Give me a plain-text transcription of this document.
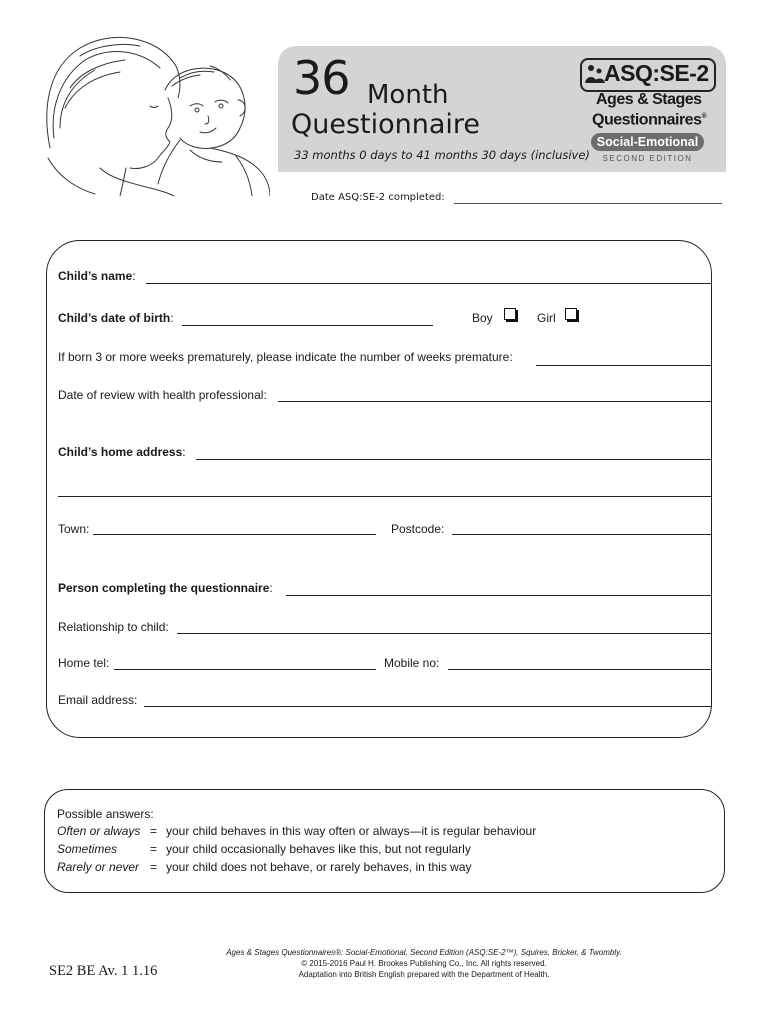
36 Month
Questionnaire
33 months 0 days to 41 months 30 days (inclusive)
ASQ:SE-2
Ages & Stages
Questionnaires®
Social-Emotional
SECOND EDITION
Date ASQ:SE-2 completed:
Child’s name:
Child’s date of birth:	Boy	Girl
If born 3 or more weeks prematurely, please indicate the number of weeks premature:
Date of review with health professional:
Child’s home address:
Town:	Postcode:
Person completing the questionnaire:
Relationship to child:
Home tel:	Mobile no:
Email address:
Possible answers:
Often or always = your child behaves in this way often or always—it is regular behaviour
Sometimes	= your child occasionally behaves like this, but not regularly
Rarely or never = your child does not behave, or rarely behaves, in this way
SE2 BE Av. 1 1.16
Ages & Stages Questionnaires®: Social-Emotional, Second Edition (ASQ:SE-2™), Squires, Bricker, & Twombly.
© 2015-2016 Paul H. Brookes Publishing Co., Inc. All rights reserved.
Adaptation into British English prepared with the Department of Health.
